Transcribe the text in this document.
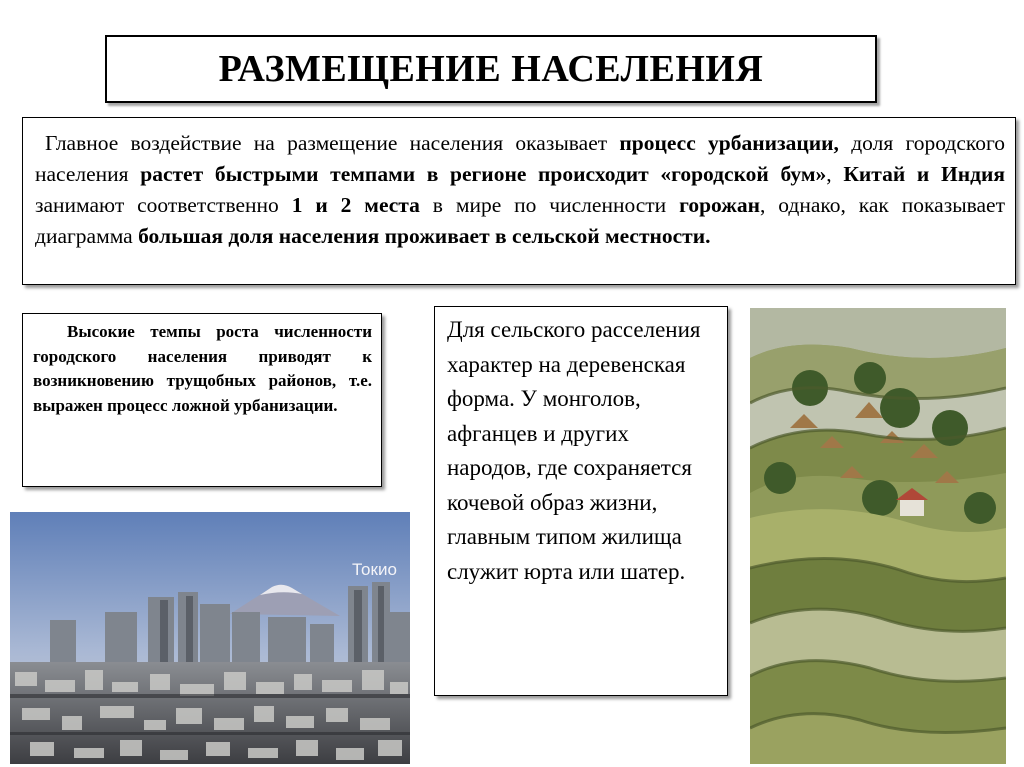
РАЗМЕЩЕНИЕ НАСЕЛЕНИЯ
Главное воздействие на размещение населения оказывает процесс урбанизации, доля городского населения растет быстрыми темпами в регионе происходит «городской бум», Китай и Индия занимают соответственно 1 и 2 места в мире по численности горожан, однако, как показывает диаграмма большая доля населения проживает в сельской местности.
Высокие темпы роста численности городского населения приводят к возникновению трущобных районов, т.е. выражен процесс ложной урбанизации.
Для сельского расселения характер на деревенская форма. У монголов, афганцев и других народов, где сохраняется кочевой образ жизни, главным типом жилища служит юрта или шатер.
Токио
